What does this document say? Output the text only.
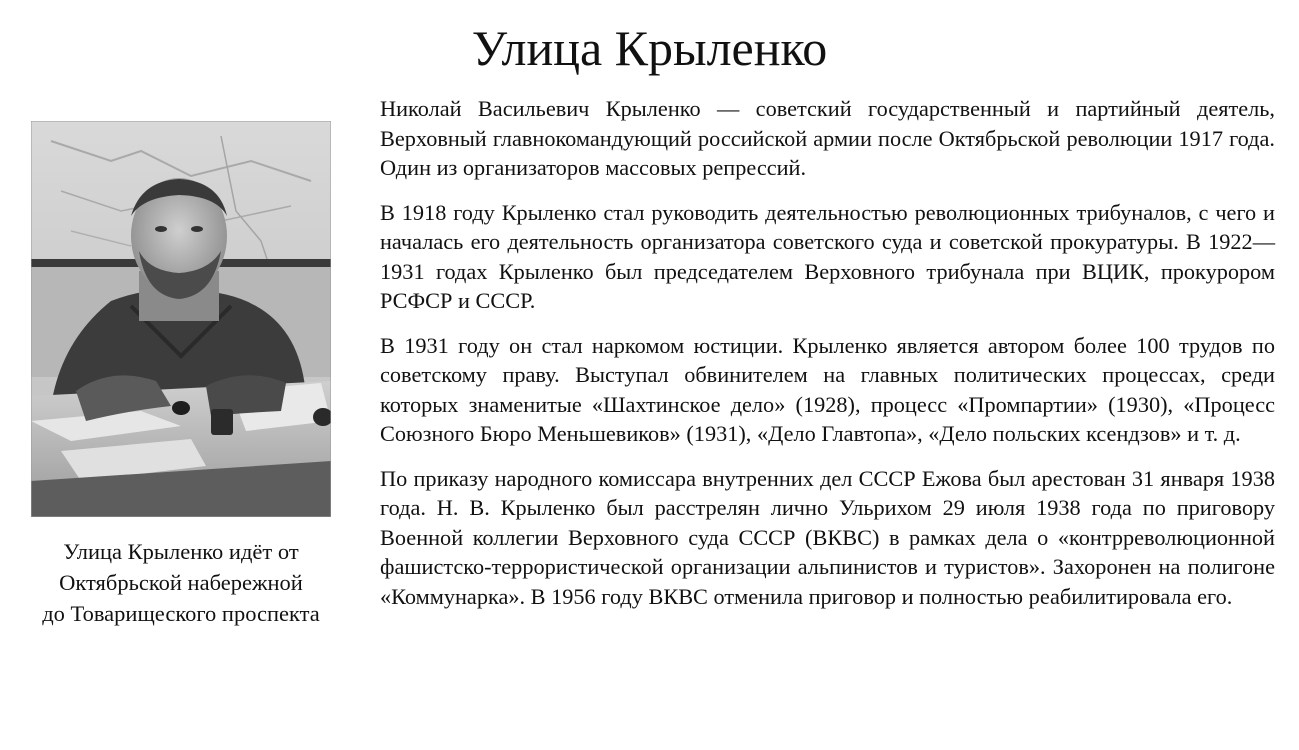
Улица Крыленко
Улица Крыленко идёт от
Октябрьской набережной
до Товарищеского проспекта

Николай Васильевич Крыленко — советский государственный и партийный деятель, Верховный главнокомандующий российской армии после Октябрьской революции 1917 года. Один из организаторов массовых репрессий.

В 1918 году Крыленко стал руководить деятельностью революционных трибуналов, с чего и началась его деятельность организатора советского суда и советской прокуратуры. В 1922—1931 годах Крыленко был председателем Верховного трибунала при ВЦИК, прокурором РСФСР и СССР.

В 1931 году он стал наркомом юстиции. Крыленко является автором более 100 трудов по советскому праву. Выступал обвинителем на главных политических процессах, среди которых знаменитые «Шахтинское дело» (1928), процесс «Промпартии» (1930), «Процесс Союзного Бюро Меньшевиков» (1931), «Дело Главтопа», «Дело польских ксендзов» и т. д.

По приказу народного комиссара внутренних дел СССР Ежова был арестован 31 января 1938 года. Н. В. Крыленко был расстрелян лично Ульрихом 29 июля 1938 года по приговору Военной коллегии Верховного суда СССР (ВКВС) в рамках дела о «контрреволюционной фашистско-террористической организации альпинистов и туристов». Захоронен на полигоне «Коммунарка». В 1956 году ВКВС отменила приговор и полностью реабилитировала его.
